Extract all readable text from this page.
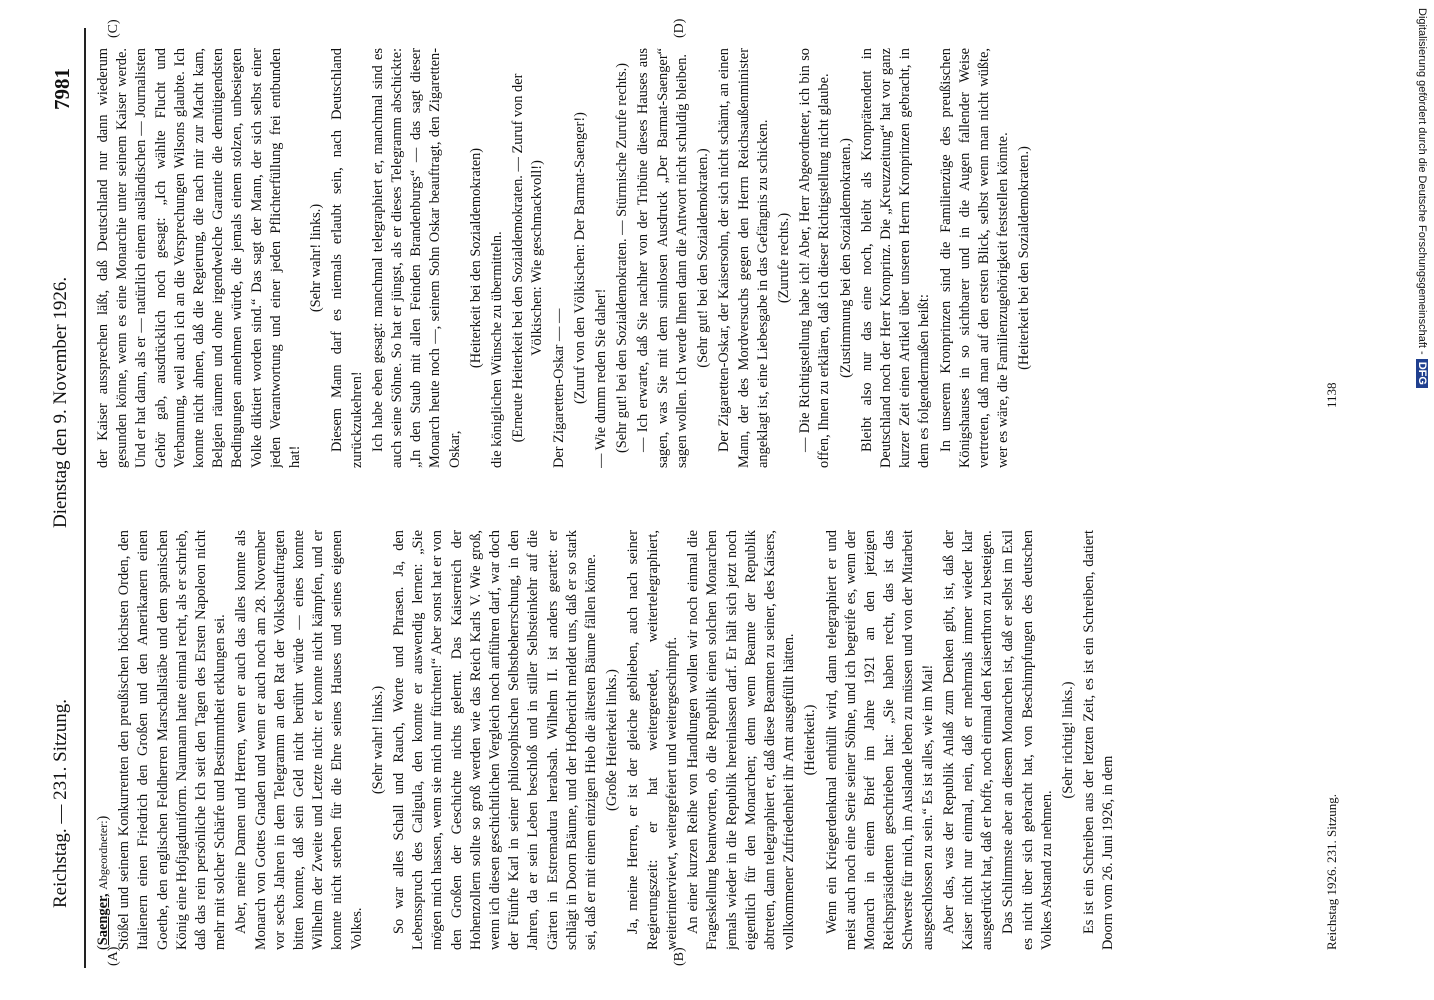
Reichstag. — 231. Sitzung.
Dienstag den 9. November 1926.
7981
(A)	(B)
(C)	(D)

(Saenger, Abgeordneter:) Stößel und seinem Konkurrenten den preußischen höchsten Orden, den Italienern einen Friedrich den Großen und den Amerikanern einen Goethe, den englischen Feldherren Marschallstäbe und dem spanischen König eine Hofjagduniform. Naumann hatte einmal recht, als er schrieb, daß das rein persönliche Ich seit den Tagen des Ersten Napoleon nicht mehr mit solcher Schärfe und Bestimmtheit erklungen sei. Aber, meine Damen und Herren, wenn er auch das alles konnte als Monarch von Gottes Gnaden und wenn er auch noch am 28. November vor sechs Jahren in dem Telegramm an den Rat der Volksbeauftragten bitten konnte, daß sein Geld nicht berührt würde — eines konnte Wilhelm der Zweite und Letzte nicht: er konnte nicht kämpfen, und er konnte nicht sterben für die Ehre seines Hauses und seines eigenen Volkes.

(Sehr wahr! links.) So war alles Schall und Rauch, Worte und Phrasen. Ja, den Lebensspruch des Caligula, den konnte er auswendig lernen: „Sie mögen mich hassen, wenn sie mich nur fürchten!“ Aber sonst hat er von den Großen der Geschichte nichts gelernt. Das Kaiserreich der Hohenzollern sollte so groß werden wie das Reich Karls V. Wie groß, wenn ich diesen geschichtlichen Vergleich noch anführen darf, war doch der Fünfte Karl in seiner philosophischen Selbstbeherrschung, in den Jahren, da er sein Leben beschloß und in stiller Selbsteinkehr auf die Gärten in Estremadura herabsah. Wilhelm II. ist anders geartet: er schlägt in Doorn Bäume, und der Hofbericht meldet uns, daß er so stark sei, daß er mit einem einzigen Hieb die ältesten Bäume fällen könne. (Große Heiterkeit links.) Ja, meine Herren, er ist der gleiche geblieben, auch nach seiner Regierungszeit: er hat weitergeredet, weitertelegraphiert, weiterinterviewt, weitergefeiert und weitergeschimpft. An einer kurzen Reihe von Handlungen wollen wir noch einmal die Frageskellung beantworten, ob die Republik einen solchen Monarchen jemals wieder in die Republik hereinlassen darf. Er hält sich jetzt noch eigentlich für den Monarchen; denn wenn Beamte der Republik abtreten, dann telegraphiert er, daß diese Beamten zu seiner, des Kaisers, vollkommener Zufriedenheit ihr Amt ausgefüllt hätten. (Heiterkeit.) Wenn ein Kriegerdenkmal enthüllt wird, dann telegraphiert er und meist auch noch eine Serie seiner Söhne, und ich begreife es, wenn der Monarch in einem Brief im Jahre 1921 an den jetzigen Reichspräsidenten geschrieben hat: „Sie haben recht, das ist das Schwerste für mich, im Auslande leben zu müssen und von der Mitarbeit ausgeschlossen zu sein.“ Es ist alles, wie im Mai! Aber das, was der Republik Anlaß zum Denken gibt, ist, daß der Kaiser nicht nur einmal, nein, daß er mehrmals immer wieder klar ausgedrückt hat, daß er hoffe, noch einmal den Kaiserthron zu besteigen. Das Schlimmste aber an diesem Monarchen ist, daß er selbst im Exil es nicht über sich gebracht hat, von Beschimpfungen des deutschen Volkes Abstand zu nehmen.

(Sehr richtig! links.) Es ist ein Schreiben aus der letzten Zeit, es ist ein Schreiben, datiert Doorn vom 26. Juni 1926, in dem

der Kaiser aussprechen läßt, daß Deutschland nur dann wiederum gesunden könne, wenn es eine Monarchie unter seinem Kaiser werde. Und er hat dann, als er — natürlich einem ausländischen — Journalisten Gehör gab, ausdrücklich noch gesagt: „Ich wählte Flucht und Verbannung, weil auch ich an die Versprechungen Wilsons glaubte. Ich konnte nicht ahnen, daß die Regierung, die nach mir zur Macht kam, Belgien räumen und ohne irgendwelche Garantie die demütigendsten Bedingungen annehmen würde, die jemals einem stolzen, unbesiegten Volke diktiert worden sind.“ Das sagt der Mann, der sich selbst einer jeden Verantwortung und einer jeden Pflichterfüllung frei entbunden hat!

(Sehr wahr! links.) Diesem Mann darf es niemals erlaubt sein, nach Deutschland zurückzukehren! Ich habe eben gesagt: manchmal telegraphiert er, manchmal sind es auch seine Söhne. So hat er jüngst, als er dieses Telegramm abschickte: „In den Staub mit allen Feinden Brandenburgs“ — das sagt dieser Monarch heute noch —, seinem Sohn Oskar beauftragt, den Zigaretten-Oskar,

(Heiterkeit bei den Sozialdemokraten) die königlichen Wünsche zu übermitteln. (Erneute Heiterkeit bei den Sozialdemokraten. — Zuruf von der Völkischen: Wie geschmackvoll!)

Der Zigaretten-Oskar — — (Zuruf von den Völkischen: Der Barmat-Saenger!) — Wie dumm reden Sie daher! (Sehr gut! bei den Sozialdemokraten. — Stürmische Zurufe rechts.) — Ich erwarte, daß Sie nachher von der Tribüne dieses Hauses aus sagen, was Sie mit dem sinnlosen Ausdruck „Der Barmat-Saenger“ sagen wollen. Ich werde Ihnen dann die Antwort nicht schuldig bleiben. (Sehr gut! bei den Sozialdemokraten.) Der Zigaretten-Oskar, der Kaisersohn, der sich nicht schämt, an einen Mann, der des Mordversuchs gegen den Herrn Reichsaußenminister angeklagt ist, eine Liebesgabe in das Gefängnis zu schicken. (Zurufe rechts.) — Die Richtigstellung habe ich! Aber, Herr Abgeordneter, ich bin so offen, Ihnen zu erklären, daß ich dieser Richtigstellung nicht glaube. (Zustimmung bei den Sozialdemokraten.) Bleibt also nur das eine noch, bleibt als Kronprätendent in Deutschland noch der Herr Kronprinz. Die „Kreuzzeitung“ hat vor ganz kurzer Zeit einen Artikel über unseren Herrn Kronprinzen gebracht, in dem es folgendermaßen heißt: In unserem Kronprinzen sind die Familienzüge des preußischen Königshauses in so sichtbarer und in die Augen fallender Weise vertreten, daß man auf den ersten Blick, selbst wenn man nicht wüßte, wer es wäre, die Familienzugehörigkeit feststellen könnte. (Heiterkeit bei den Sozialdemokraten.)

Reichstag 1926. 231. Sitzung.
1138
Digitalisierung gefördert durch die Deutsche Forschungsgemeinschaft -DFG
